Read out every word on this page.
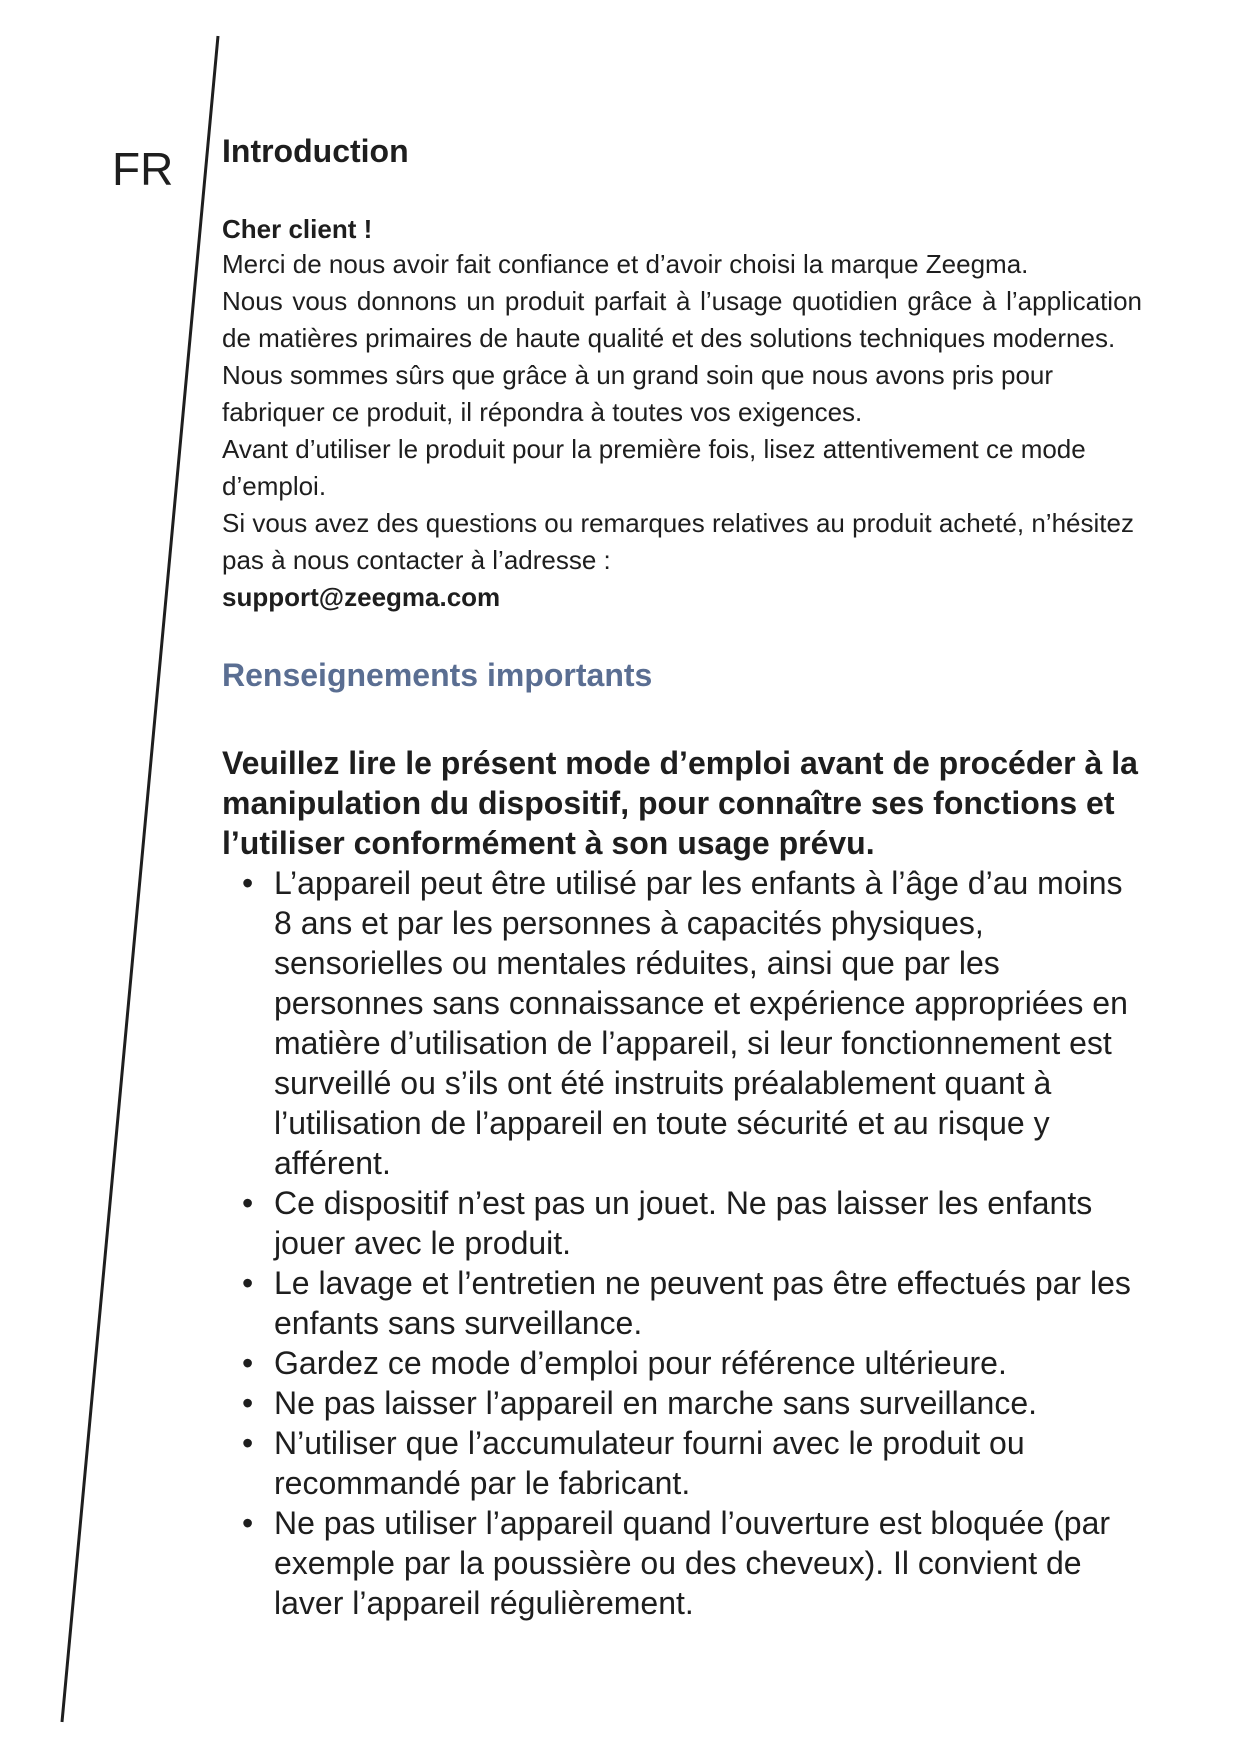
FR Introduction
Cher client !

Merci de nous avoir fait confiance et d’avoir choisi la marque Zeegma.

Nous vous donnons un produit parfait à l’usage quotidien grâce à l’application de matières primaires de haute qualité et des solutions techniques modernes.

Nous sommes sûrs que grâce à un grand soin que nous avons pris pour fabriquer ce produit, il répondra à toutes vos exigences.

Avant d’utiliser le produit pour la première fois, lisez attentivement ce mode d’emploi.

Si vous avez des questions ou remarques relatives au produit acheté, n’hésitez pas à nous contacter à l’adresse :

support@zeegma.com

Renseignements importants

Veuillez lire le présent mode d’emploi avant de procéder à la manipulation du dispositif, pour connaître ses fonctions et l’utiliser conformément à son usage prévu.

• L’appareil peut être utilisé par les enfants à l’âge d’au moins 8 ans et par les personnes à capacités physiques, sensorielles ou mentales réduites, ainsi que par les personnes sans connaissance et expérience appropriées en matière d’utilisation de l’appareil, si leur fonctionnement est surveillé ou s’ils ont été instruits préalablement quant à l’utilisation de l’appareil en toute sécurité et au risque y afférent.
• Ce dispositif n’est pas un jouet. Ne pas laisser les enfants jouer avec le produit.
• Le lavage et l’entretien ne peuvent pas être effectués par les enfants sans surveillance.
• Gardez ce mode d’emploi pour référence ultérieure.
• Ne pas laisser l’appareil en marche sans surveillance.
• N’utiliser que l’accumulateur fourni avec le produit ou recommandé par le fabricant.
• Ne pas utiliser l’appareil quand l’ouverture est bloquée (par exemple par la poussière ou des cheveux). Il convient de laver l’appareil régulièrement.
